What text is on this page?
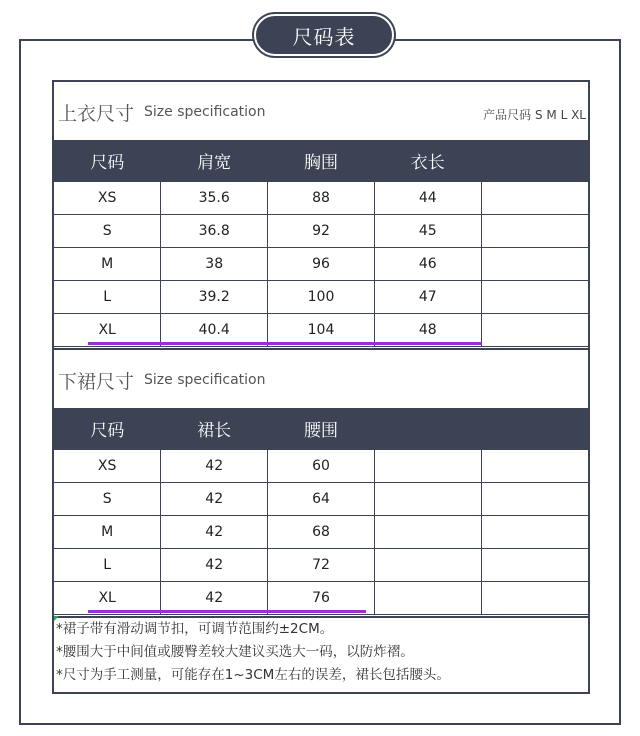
尺码表
上衣尺寸 Size specification	产品尺码 S M L XL
尺码	肩宽	胸围	衣长	
XS	35.6	88	44	
S	36.8	92	45	
M	38	96	46	
L	39.2	100	47	
XL	40.4	104	48	
下裙尺寸 Size specification
尺码	裙长	腰围		
XS	42	60		
S	42	64		
M	42	68		
L	42	72		
XL	42	76		
*裙子带有滑动调节扣，可调节范围约±2CM。
*腰围大于中间值或腰臀差较大建议买选大一码，以防炸褶。
*尺寸为手工测量，可能存在1~3CM左右的误差，裙长包括腰头。
